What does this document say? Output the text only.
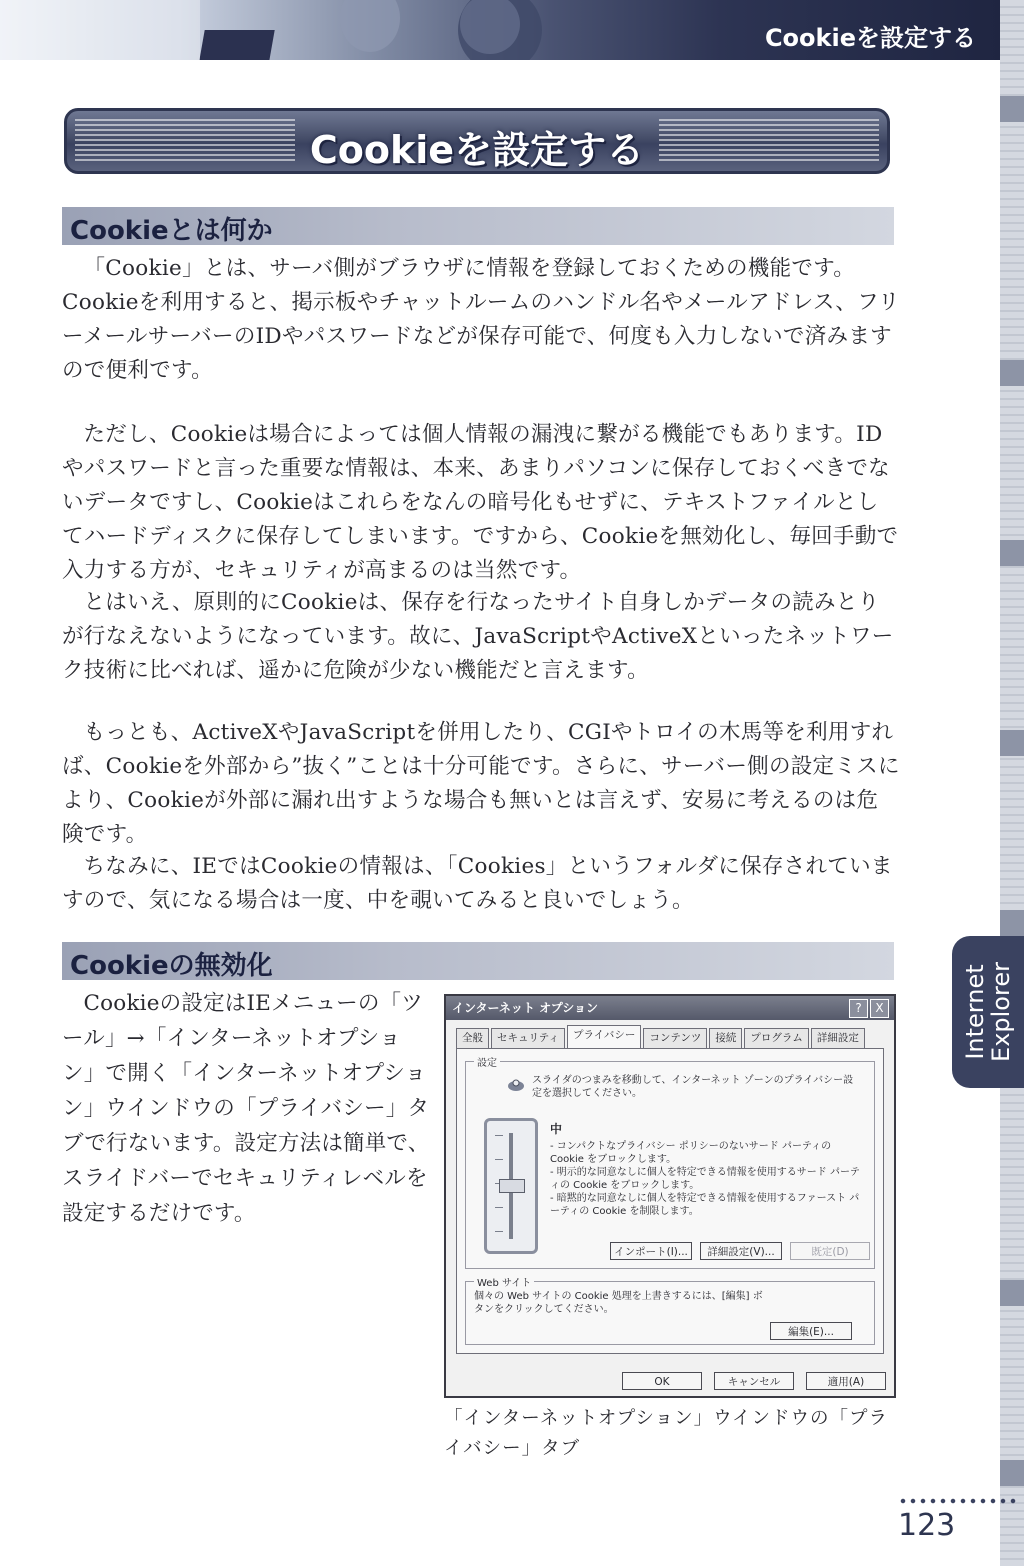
Cookieを設定する
Cookieを設定する
Cookieとは何か

「Cookie」とは、サーバ側がブラウザに情報を登録しておくための機能です。Cookieを利用すると、掲示板やチャットルームのハンドル名やメールアドレス、フリーメールサーバーのIDやパスワードなどが保存可能で、何度も入力しないで済みますので便利です。

ただし、Cookieは場合によっては個人情報の漏洩に繋がる機能でもあります。IDやパスワードと言った重要な情報は、本来、あまりパソコンに保存しておくべきでないデータですし、Cookieはこれらをなんの暗号化もせずに、テキストファイルとしてハードディスクに保存してしまいます。ですから、Cookieを無効化し、毎回手動で入力する方が、セキュリティが高まるのは当然です。

とはいえ、原則的にCookieは、保存を行なったサイト自身しかデータの読みとりが行なえないようになっています。故に、JavaScriptやActiveXといったネットワーク技術に比べれば、遥かに危険が少ない機能だと言えます。

もっとも、ActiveXやJavaScriptを併用したり、CGIやトロイの木馬等を利用すれば、Cookieを外部から”抜く”ことは十分可能です。さらに、サーバー側の設定ミスにより、Cookieが外部に漏れ出すような場合も無いとは言えず、安易に考えるのは危険です。

ちなみに、IEではCookieの情報は、「Cookies」というフォルダに保存されていますので、気になる場合は一度、中を覗いてみると良いでしょう。

Cookieの無効化

Cookieの設定はIEメニューの「ツール」→「インターネットオプション」で開く「インターネットオプション」ウインドウの「プライバシー」タブで行ないます。設定方法は簡単で、スライドバーでセキュリティレベルを設定するだけです。

Internet
Explorer
インターネット オプション	?	X
全般	セキュリティ	プライバシー	コンテンツ	接続	プログラム	詳細設定
設定
スライダのつまみを移動して、インターネット ゾーンのプライバシー設定を選択してください。
中
- コンパクトなプライバシー ポリシーのないサード パーティの Cookie をブロックします。
- 明示的な同意なしに個人を特定できる情報を使用するサード パーティの Cookie をブロックします。
- 暗黙的な同意なしに個人を特定できる情報を使用するファースト パーティの Cookie を制限します。
インポート(I)...	詳細設定(V)...	既定(D)
Web サイト
個々の Web サイトの Cookie 処理を上書きするには、[編集] ボタンをクリックしてください。
編集(E)...
OK	キャンセル	適用(A)

「インターネットオプション」ウインドウの「プライバシー」タブ

123
